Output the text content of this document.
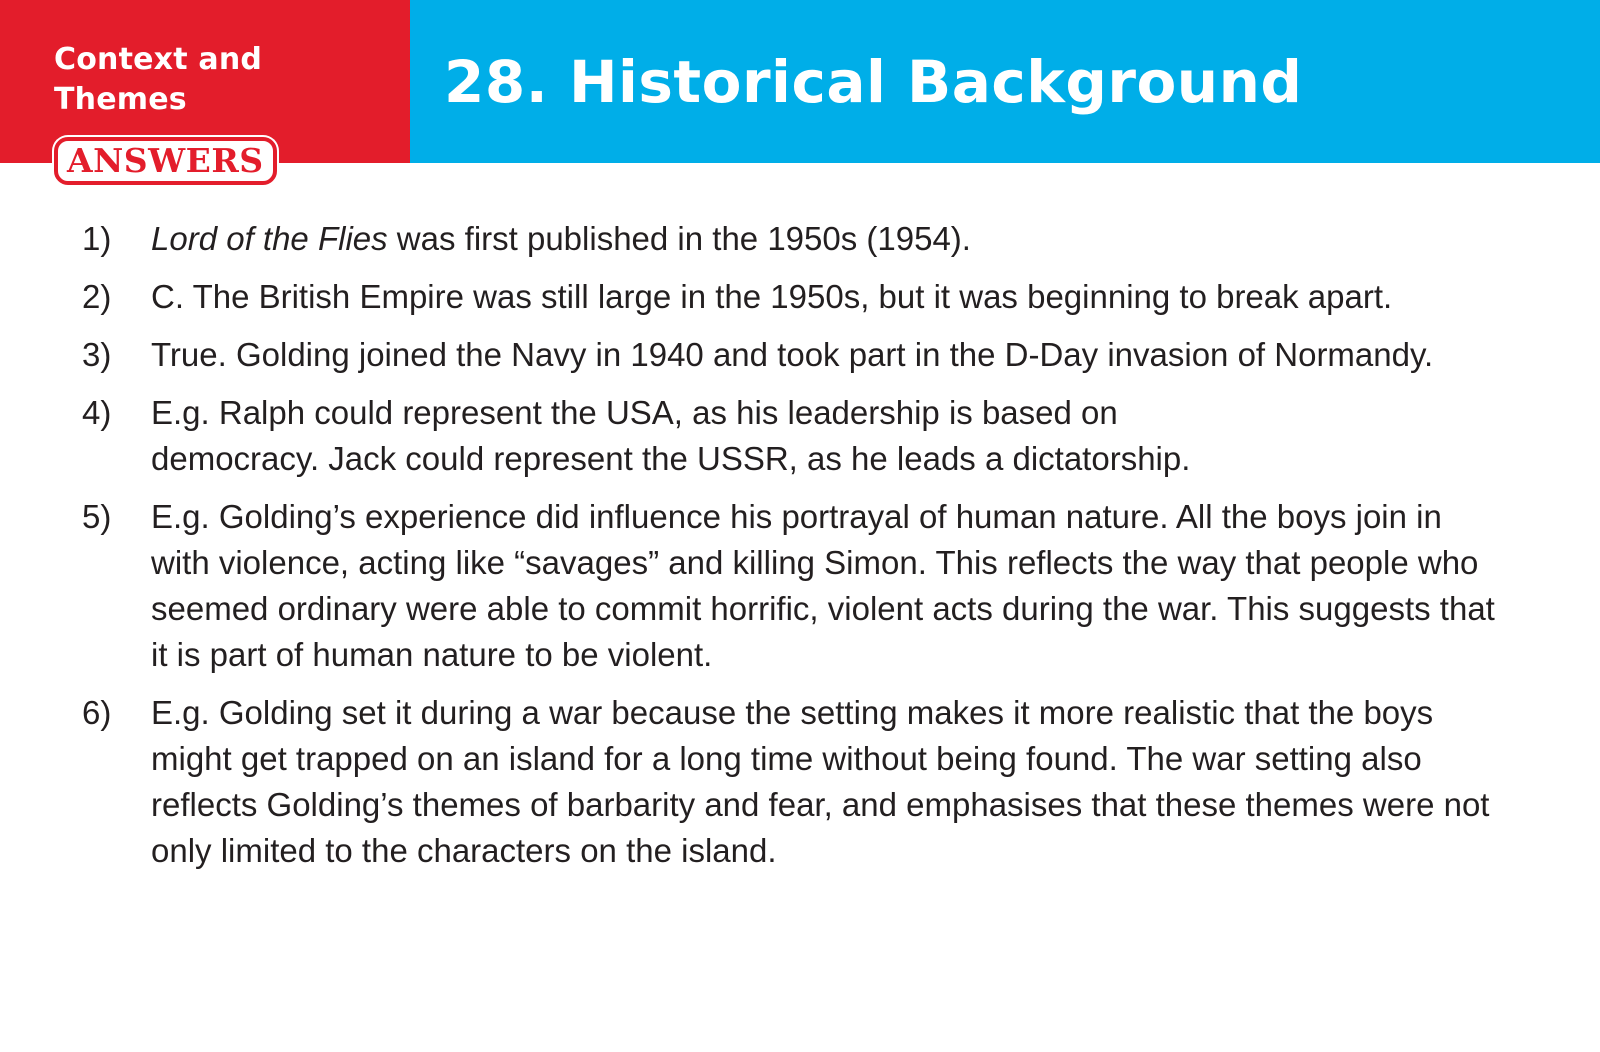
Context and
Themes	28. Historical Background
ANSWERS
1)	Lord of the Flies was first published in the 1950s (1954).
2)	C. The British Empire was still large in the 1950s, but it was beginning to break apart.
3)	True. Golding joined the Navy in 1940 and took part in the D-Day invasion of Normandy.
4)	E.g. Ralph could represent the USA, as his leadership is based on democracy. Jack could represent the USSR, as he leads a dictatorship.
5)	E.g. Golding’s experience did influence his portrayal of human nature. All the boys join in with violence, acting like “savages” and killing Simon. This reflects the way that people who seemed ordinary were able to commit horrific, violent acts during the war. This suggests that it is part of human nature to be violent.
6)	E.g. Golding set it during a war because the setting makes it more realistic that the boys might get trapped on an island for a long time without being found. The war setting also reflects Golding’s themes of barbarity and fear, and emphasises that these themes were not only limited to the characters on the island.
